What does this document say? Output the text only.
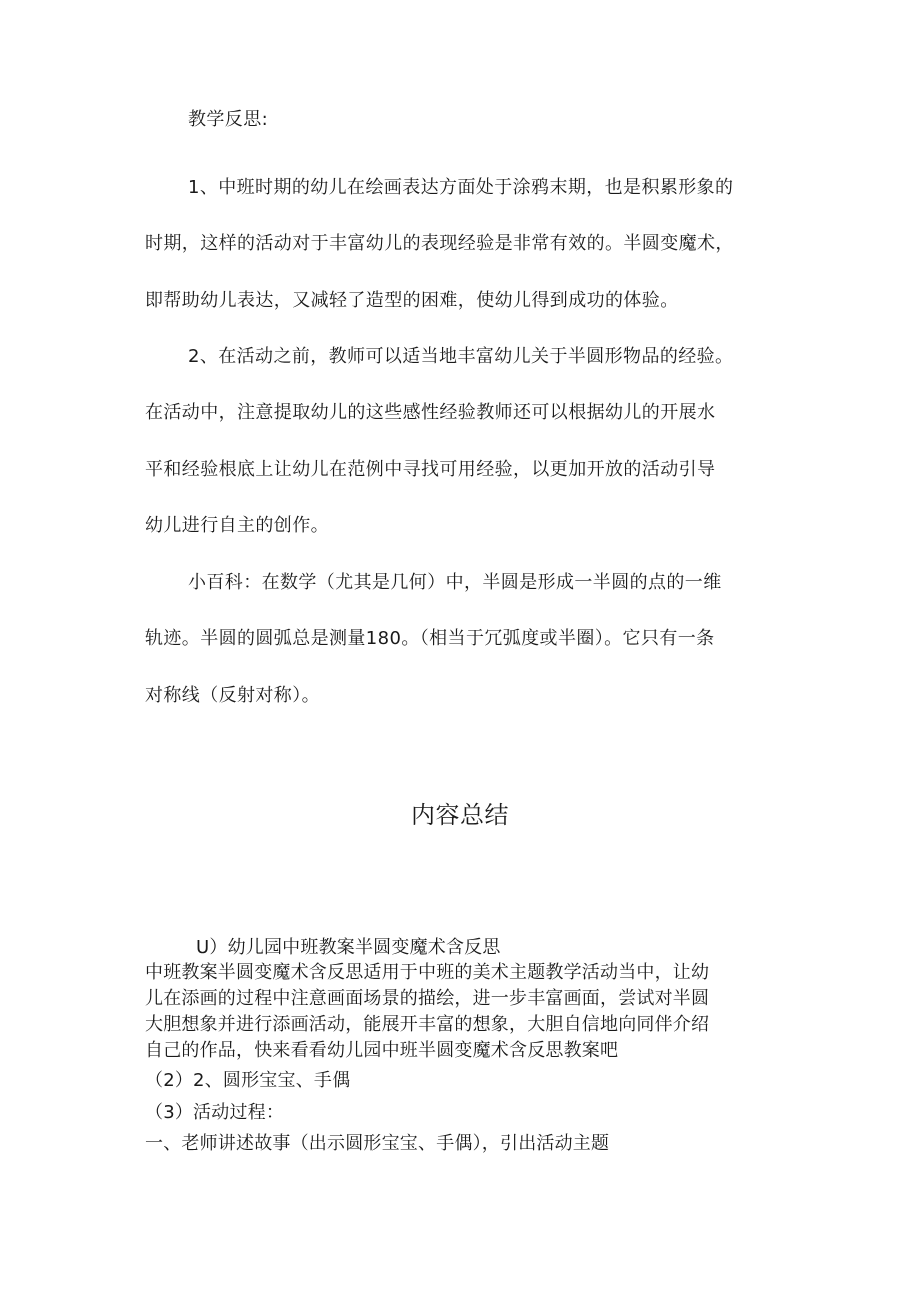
教学反思:
1、中班时期的幼儿在绘画表达方面处于涂鸦末期，也是积累形象的
时期，这样的活动对于丰富幼儿的表现经验是非常有效的。半圆变魔术，
即帮助幼儿表达，又减轻了造型的困难，使幼儿得到成功的体验。
2、在活动之前，教师可以适当地丰富幼儿关于半圆形物品的经验。
在活动中，注意提取幼儿的这些感性经验教师还可以根据幼儿的开展水
平和经验根底上让幼儿在范例中寻找可用经验，以更加开放的活动引导
幼儿进行自主的创作。
小百科：在数学（尤其是几何）中，半圆是形成一半圆的点的一维
轨迹。半圆的圆弧总是测量180。（相当于冗弧度或半圈）。它只有一条
对称线（反射对称）。
内容总结
U）幼儿园中班教案半圆变魔术含反思
中班教案半圆变魔术含反思适用于中班的美术主题教学活动当中，让幼
儿在添画的过程中注意画面场景的描绘，进一步丰富画面，尝试对半圆
大胆想象并进行添画活动，能展开丰富的想象，大胆自信地向同伴介绍
自己的作品，快来看看幼儿园中班半圆变魔术含反思教案吧
（2）2、圆形宝宝、手偶
（3）活动过程：
一、老师讲述故事（出示圆形宝宝、手偶），引出活动主题
